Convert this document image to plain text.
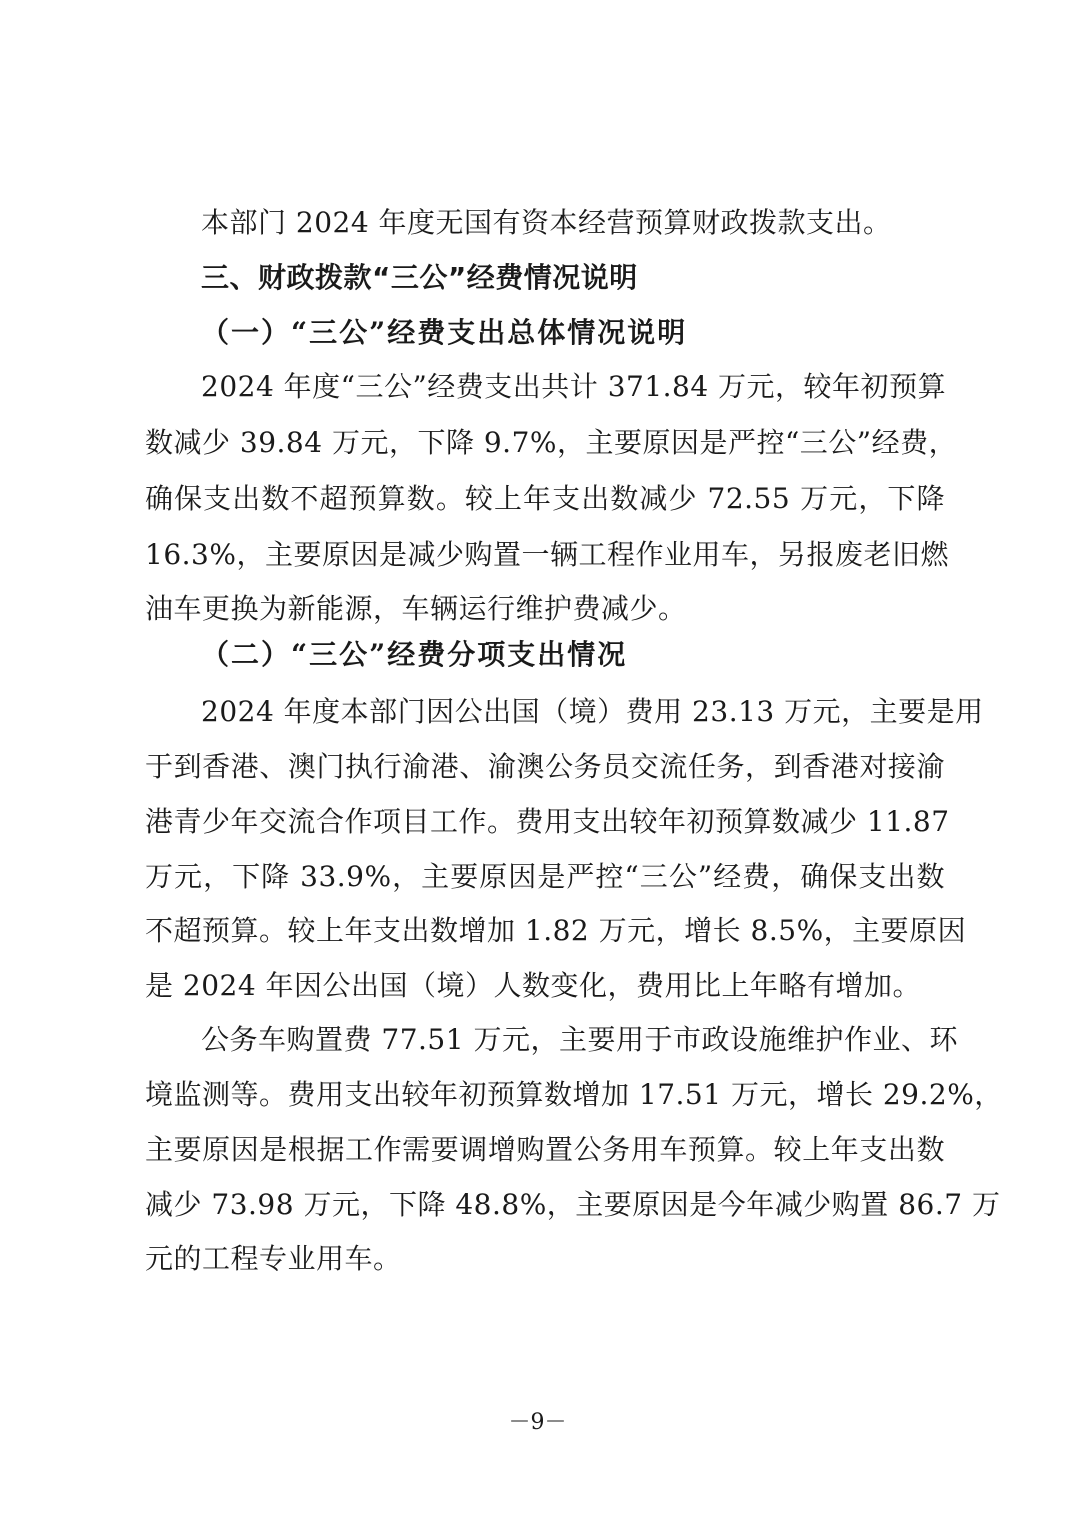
本部门 2024 年度无国有资本经营预算财政拨款支出。
三、财政拨款“三公”经费情况说明
（一）“三公”经费支出总体情况说明
2024 年度“三公”经费支出共计 371.84 万元，较年初预算
数减少 39.84 万元，下降 9.7%，主要原因是严控“三公”经费，
确保支出数不超预算数。较上年支出数减少 72.55 万元，下降
16.3%，主要原因是减少购置一辆工程作业用车，另报废老旧燃
油车更换为新能源，车辆运行维护费减少。
（二）“三公”经费分项支出情况
2024 年度本部门因公出国（境）费用 23.13 万元，主要是用
于到香港、澳门执行渝港、渝澳公务员交流任务，到香港对接渝
港青少年交流合作项目工作。费用支出较年初预算数减少 11.87
万元，下降 33.9%，主要原因是严控“三公”经费，确保支出数
不超预算。较上年支出数增加 1.82 万元，增长 8.5%，主要原因
是 2024 年因公出国（境）人数变化，费用比上年略有增加。
公务车购置费 77.51 万元，主要用于市政设施维护作业、环
境监测等。费用支出较年初预算数增加 17.51 万元，增长 29.2%，
主要原因是根据工作需要调增购置公务用车预算。较上年支出数
减少 73.98 万元，下降 48.8%，主要原因是今年减少购置 86.7 万
元的工程专业用车。
－9－
